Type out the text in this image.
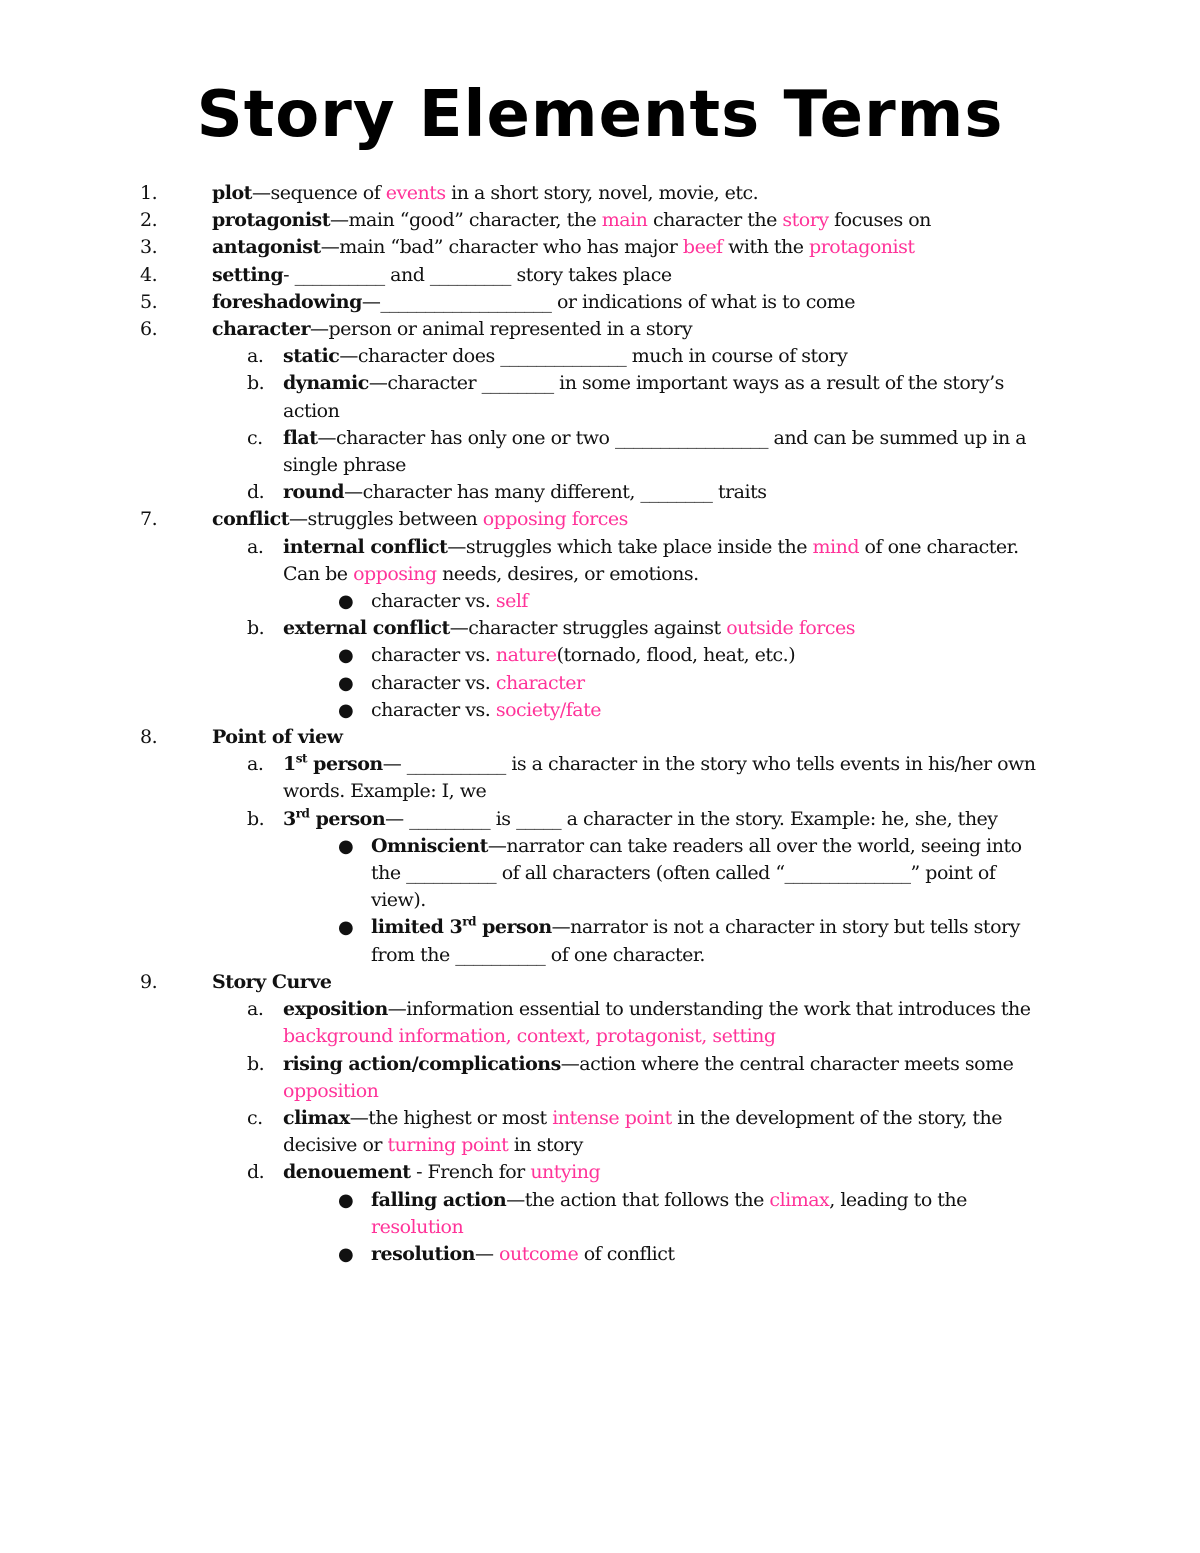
Story Elements Terms
1.	plot—sequence of events in a short story, novel, movie, etc.
2.	protagonist—main “good” character, the main character the story focuses on
3.	antagonist—main “bad” character who has major beef with the protagonist
4.	setting- __________ and _________ story takes place
5.	foreshadowing—___________________ or indications of what is to come
6.	character—person or animal represented in a story
a. static—character does ______________ much in course of story
b. dynamic—character ________ in some important ways as a result of the story’s action
c. flat—character has only one or two _________________ and can be summed up in a single phrase
d. round—character has many different, ________ traits
7.	conflict—struggles between opposing forces
a. internal conflict—struggles which take place inside the mind of one character. Can be opposing needs, desires, or emotions.
● character vs. self
b. external conflict—character struggles against outside forces
● character vs. nature(tornado, flood, heat, etc.)
● character vs. character
● character vs. society/fate
8.	Point of view
a. 1st person— ___________ is a character in the story who tells events in his/her own words. Example: I, we
b. 3rd person— _________ is _____ a character in the story. Example: he, she, they
● Omniscient—narrator can take readers all over the world, seeing into the __________ of all characters (often called “______________” point of view).
● limited 3rd person—narrator is not a character in story but tells story from the __________ of one character.
9.	Story Curve
a. exposition—information essential to understanding the work that introduces the background information, context, protagonist, setting
b. rising action/complications—action where the central character meets some opposition
c. climax—the highest or most intense point in the development of the story, the decisive or turning point in story
d. denouement - French for untying
● falling action—the action that follows the climax, leading to the resolution
● resolution— outcome of conflict
